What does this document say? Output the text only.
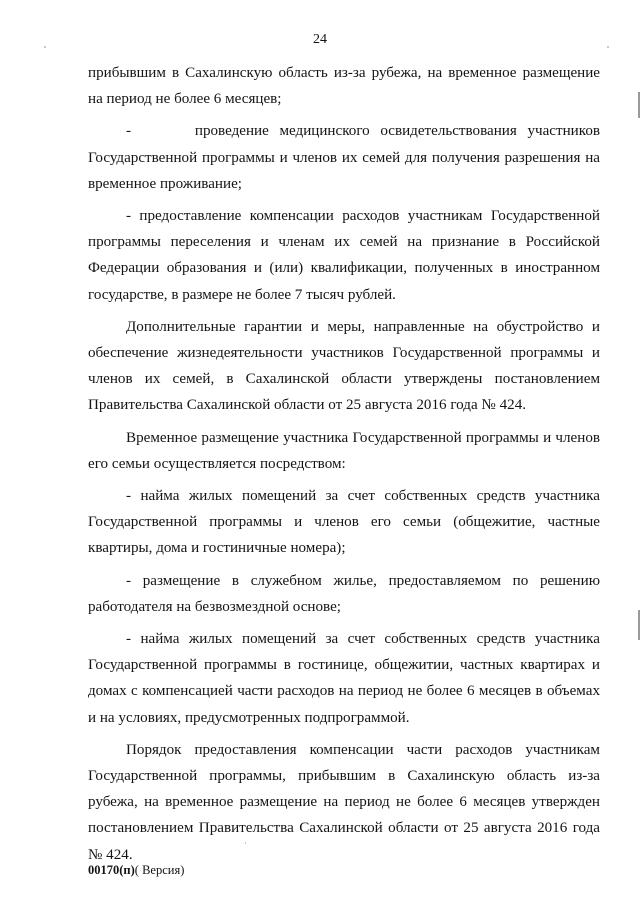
24

прибывшим в Сахалинскую область из-за рубежа, на временное размещение на период не более 6 месяцев;

-      проведение медицинского освидетельствования участников Государственной программы и членов их семей для получения разрешения на временное проживание;

- предоставление компенсации расходов участникам Государственной программы переселения и членам их семей на признание в Российской Федерации образования и (или) квалификации, полученных в иностранном государстве, в размере не более 7 тысяч рублей.

Дополнительные гарантии и меры, направленные на обустройство и обеспечение жизнедеятельности участников Государственной программы и членов их семей, в Сахалинской области утверждены постановлением Правительства Сахалинской области от 25 августа 2016 года № 424.

Временное размещение участника Государственной программы и членов его семьи осуществляется посредством:

- найма жилых помещений за счет собственных средств участника Государственной программы и членов его семьи (общежитие, частные квартиры, дома и гостиничные номера);

- размещение в служебном жилье, предоставляемом по решению работодателя на безвозмездной основе;

- найма жилых помещений за счет собственных средств участника Государственной программы в гостинице, общежитии, частных квартирах и домах с компенсацией части расходов на период не более 6 месяцев в объемах и на условиях, предусмотренных подпрограммой.

Порядок предоставления компенсации части расходов участникам Государственной программы, прибывшим в Сахалинскую область из-за рубежа, на временное размещение на период не более 6 месяцев утвержден постановлением Правительства Сахалинской области от 25 августа 2016 года № 424.

00170(п)( Версия)
